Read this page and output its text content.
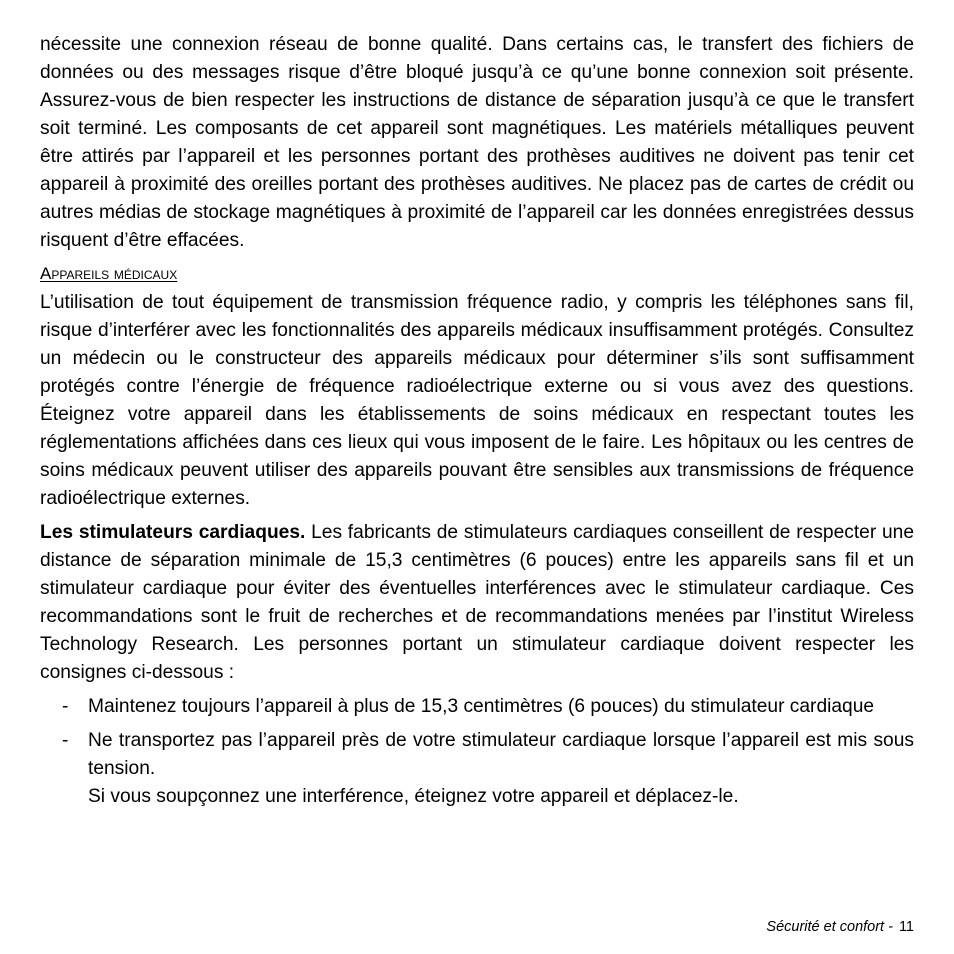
nécessite une connexion réseau de bonne qualité. Dans certains cas, le transfert des fichiers de données ou des messages risque d’être bloqué jusqu’à ce qu’une bonne connexion soit présente. Assurez-vous de bien respecter les instructions de distance de séparation jusqu’à ce que le transfert soit terminé. Les composants de cet appareil sont magnétiques. Les matériels métalliques peuvent être attirés par l’appareil et les personnes portant des prothèses auditives ne doivent pas tenir cet appareil à proximité des oreilles portant des prothèses auditives. Ne placez pas de cartes de crédit ou autres médias de stockage magnétiques à proximité de l’appareil car les données enregistrées dessus risquent d’être effacées.

Appareils médicaux

L’utilisation de tout équipement de transmission fréquence radio, y compris les téléphones sans fil, risque d’interférer avec les fonctionnalités des appareils médicaux insuffisamment protégés. Consultez un médecin ou le constructeur des appareils médicaux pour déterminer s’ils sont suffisamment protégés contre l’énergie de fréquence radioélectrique externe ou si vous avez des questions. Éteignez votre appareil dans les établissements de soins médicaux en respectant toutes les réglementations affichées dans ces lieux qui vous imposent de le faire. Les hôpitaux ou les centres de soins médicaux peuvent utiliser des appareils pouvant être sensibles aux transmissions de fréquence radioélectrique externes.

Les stimulateurs cardiaques. Les fabricants de stimulateurs cardiaques conseillent de respecter une distance de séparation minimale de 15,3 centimètres (6 pouces) entre les appareils sans fil et un stimulateur cardiaque pour éviter des éventuelles interférences avec le stimulateur cardiaque. Ces recommandations sont le fruit de recherches et de recommandations menées par l’institut Wireless Technology Research. Les personnes portant un stimulateur cardiaque doivent respecter les consignes ci-dessous :

- Maintenez toujours l’appareil à plus de 15,3 centimètres (6 pouces) du stimulateur cardiaque
- Ne transportez pas l’appareil près de votre stimulateur cardiaque lorsque l’appareil est mis sous tension.
Si vous soupçonnez une interférence, éteignez votre appareil et déplacez-le.
Sécurité et confort - 11
